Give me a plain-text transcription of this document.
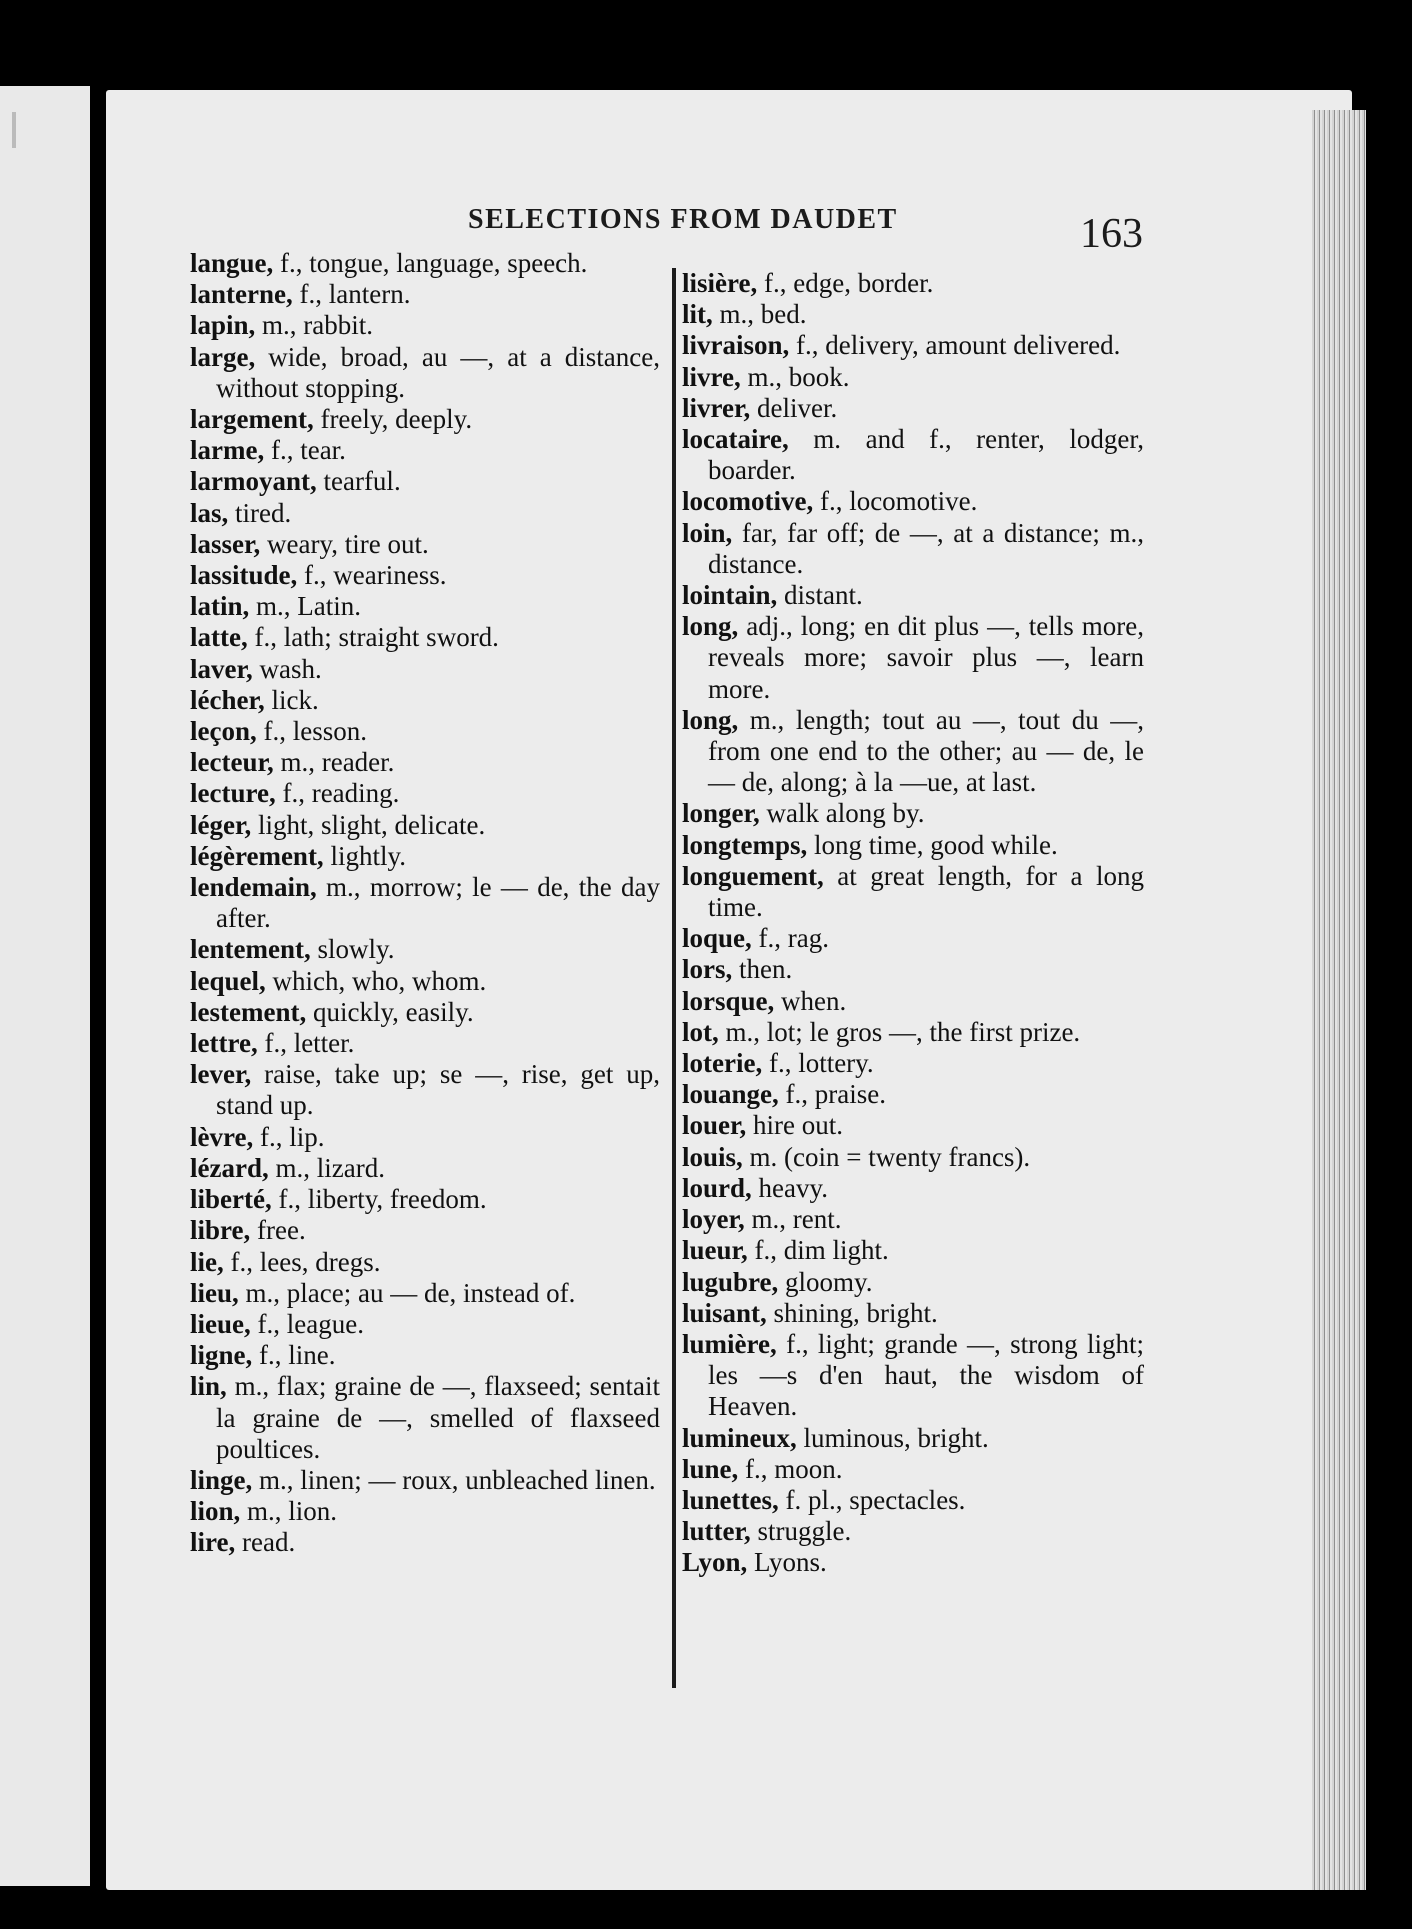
SELECTIONS FROM DAUDET	163
langue, f., tongue, language, speech.
lanterne, f., lantern.
lapin, m., rabbit.
large, wide, broad, au —, at a distance, without stopping.
largement, freely, deeply.
larme, f., tear.
larmoyant, tearful.
las, tired.
lasser, weary, tire out.
lassitude, f., weariness.
latin, m., Latin.
latte, f., lath; straight sword.
laver, wash.
lécher, lick.
leçon, f., lesson.
lecteur, m., reader.
lecture, f., reading.
léger, light, slight, delicate.
légèrement, lightly.
lendemain, m., morrow; le — de, the day after.
lentement, slowly.
lequel, which, who, whom.
lestement, quickly, easily.
lettre, f., letter.
lever, raise, take up; se —, rise, get up, stand up.
lèvre, f., lip.
lézard, m., lizard.
liberté, f., liberty, freedom.
libre, free.
lie, f., lees, dregs.
lieu, m., place; au — de, instead of.
lieue, f., league.
ligne, f., line.
lin, m., flax; graine de —, flaxseed; sentait la graine de —, smelled of flaxseed poultices.
linge, m., linen; — roux, unbleached linen.
lion, m., lion.
lire, read.
lisière, f., edge, border.
lit, m., bed.
livraison, f., delivery, amount delivered.
livre, m., book.
livrer, deliver.
locataire, m. and f., renter, lodger, boarder.
locomotive, f., locomotive.
loin, far, far off; de —, at a distance; m., distance.
lointain, distant.
long, adj., long; en dit plus —, tells more, reveals more; savoir plus —, learn more.
long, m., length; tout au —, tout du —, from one end to the other; au — de, le — de, along; à la —ue, at last.
longer, walk along by.
longtemps, long time, good while.
longuement, at great length, for a long time.
loque, f., rag.
lors, then.
lorsque, when.
lot, m., lot; le gros —, the first prize.
loterie, f., lottery.
louange, f., praise.
louer, hire out.
louis, m. (coin = twenty francs).
lourd, heavy.
loyer, m., rent.
lueur, f., dim light.
lugubre, gloomy.
luisant, shining, bright.
lumière, f., light; grande —, strong light; les —s d'en haut, the wisdom of Heaven.
lumineux, luminous, bright.
lune, f., moon.
lunettes, f. pl., spectacles.
lutter, struggle.
Lyon, Lyons.
